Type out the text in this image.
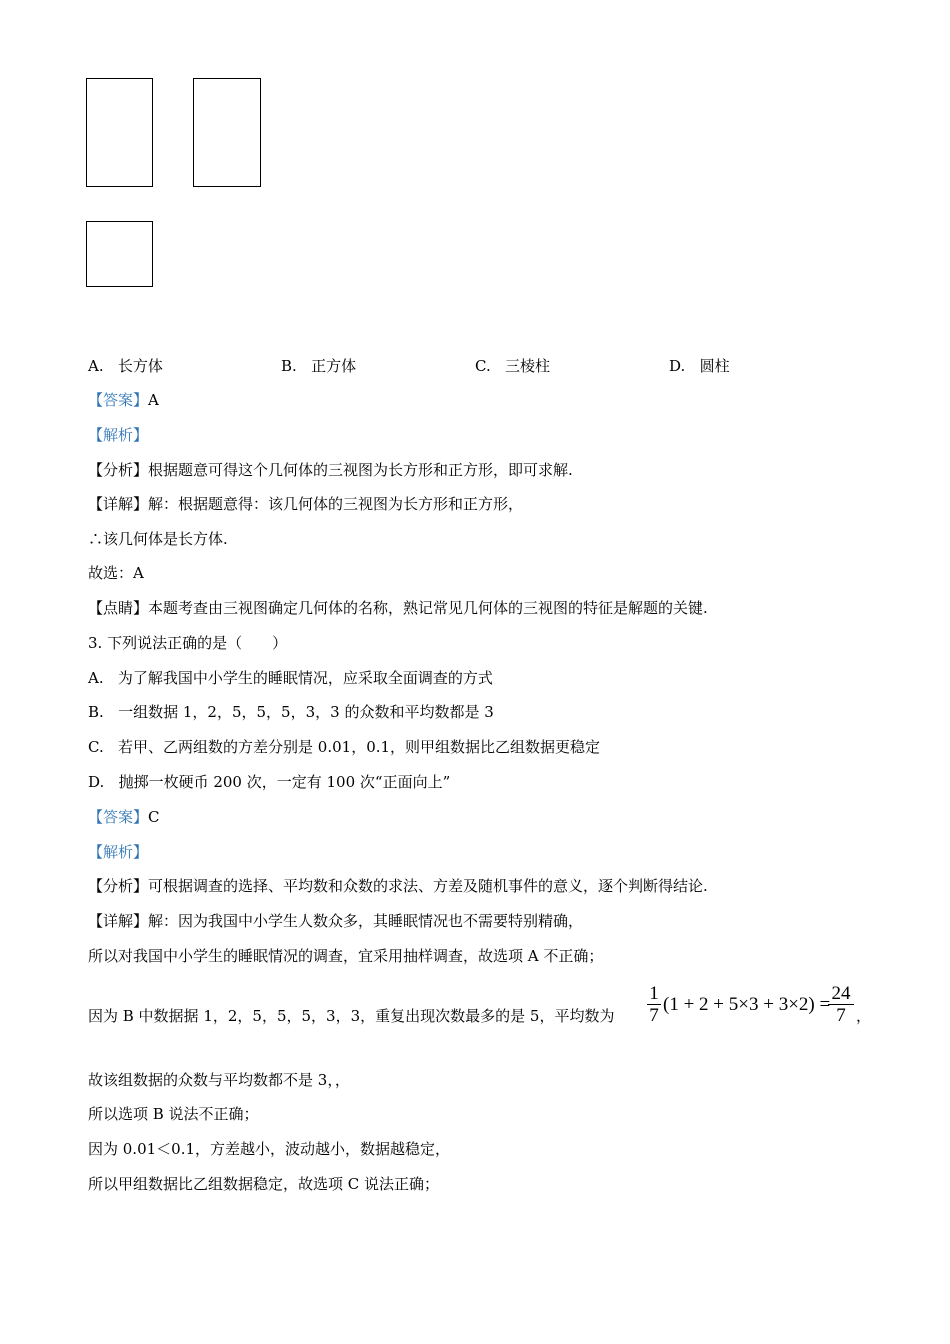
A. 长方体	B. 正方体	C. 三棱柱	D. 圆柱
【答案】A
【解析】
【分析】根据题意可得这个几何体的三视图为长方形和正方形，即可求解.
【详解】解：根据题意得：该几何体的三视图为长方形和正方形，
∴该几何体是长方体.
故选：A
【点睛】本题考查由三视图确定几何体的名称，熟记常见几何体的三视图的特征是解题的关键.
3. 下列说法正确的是（　　）
A. 为了解我国中小学生的睡眠情况，应采取全面调查的方式
B. 一组数据 1，2，5，5，5，3，3 的众数和平均数都是 3
C. 若甲、乙两组数的方差分别是 0.01，0.1，则甲组数据比乙组数据更稳定
D. 抛掷一枚硬币 200 次，一定有 100 次“正面向上”
【答案】C
【解析】
【分析】可根据调查的选择、平均数和众数的求法、方差及随机事件的意义，逐个判断得结论.
【详解】解：因为我国中小学生人数众多，其睡眠情况也不需要特别精确，
所以对我国中小学生的睡眠情况的调查，宜采用抽样调查，故选项 A 不正确；
因为 B 中数据据 1，2，5，5，5，3，3，重复出现次数最多的是 5，平均数为
1
7
(1 + 2 + 5×3 + 3×2) =
24
7 ，
故该组数据的众数与平均数都不是 3，，
所以选项 B 说法不正确；
因为 0.01＜0.1，方差越小，波动越小，数据越稳定，
所以甲组数据比乙组数据稳定，故选项 C 说法正确；
